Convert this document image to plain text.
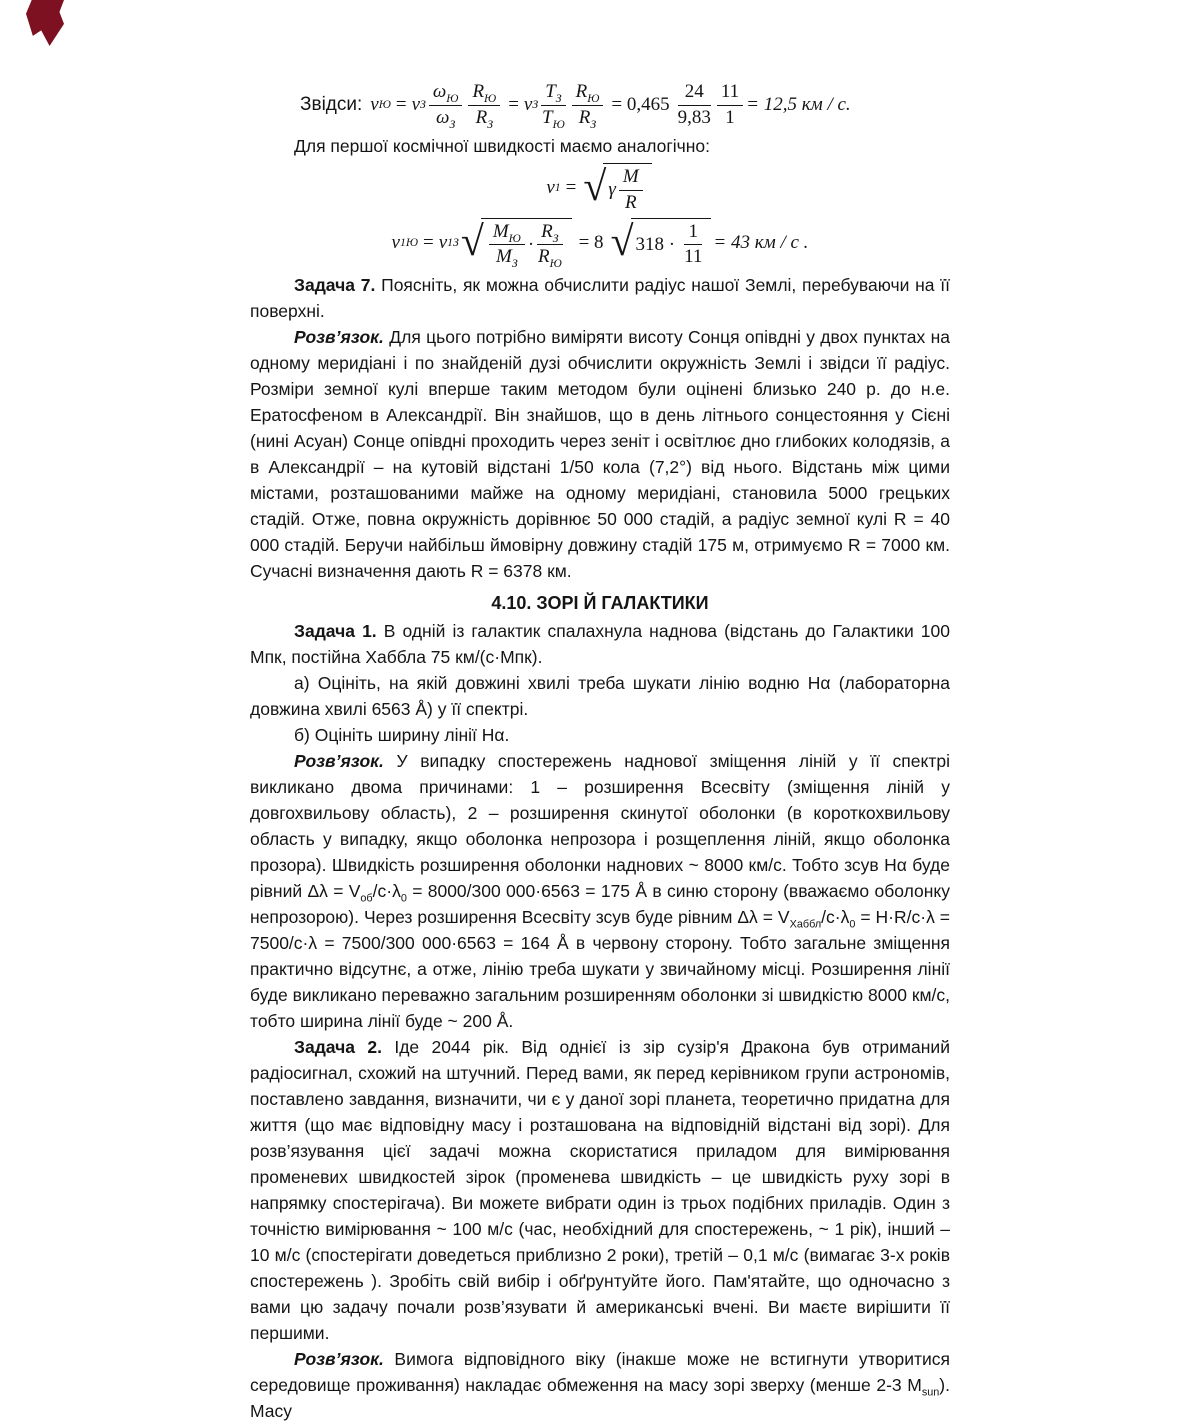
Звідси: v Ю = v З $\frac{\omega_Ю}{\omega_З} \frac{R_Ю}{R_З} = v$ З $\frac{T_З}{T_Ю} \frac{R_Ю}{R_З} = 0,465 \frac{24}{9,83} \frac{11}{1} = 12,5$ км / с.

Для першої космічної швидкості маємо аналогічно:

v 1 = √ γ $\frac{M}{R}$
v 1Ю = v 1З √ $\frac{M_Ю}{M_З} \cdot \frac{R_З}{R_Ю} = 8$ √ $318 \cdot \frac{1}{11} = 43$ км / с .

Задача 7. Поясніть, як можна обчислити радіус нашої Землі, перебуваючи на її поверхні.

Розв’язок. Для цього потрібно виміряти висоту Сонця опівдні у двох пунктах на одному меридіані і по знайденій дузі обчислити окружність Землі і звідси її радіус. Розміри земної кулі вперше таким методом були оцінені близько 240 р. до н.е. Ератосфеном в Александрії. Він знайшов, що в день літнього сонцестояння у Сієні (нині Асуан) Сонце опівдні проходить через зеніт і освітлює дно глибоких колодязів, а в Александрії – на кутовій відстані 1/50 кола (7,2°) від нього. Відстань між цими містами, розташованими майже на одному меридіані, становила 5000 грецьких стадій. Отже, повна окружність дорівнює 50 000 стадій, а радіус земної кулі R = 40 000 стадій. Беручи найбільш ймовірну довжину стадій 175 м, отримуємо R = 7000 км. Сучасні визначення дають R = 6378 км.

4.10. ЗОРІ Й ГАЛАКТИКИ

Задача 1. В одній із галактик спалахнула наднова (відстань до Галактики 100 Мпк, постійна Хаббла 75 км/(с·Мпк).

а) Оцініть, на якій довжині хвилі треба шукати лінію водню Hα (лабораторна довжина хвилі 6563 Å) у її спектрі.

б) Оцініть ширину лінії Hα.

Розв’язок. У випадку спостережень наднової зміщення ліній у її спектрі викликано двома причинами: 1 – розширення Всесвіту (зміщення ліній у довгохвильову область), 2 – розширення скинутої оболонки (в короткохвильову область у випадку, якщо оболонка непрозора і розщеплення ліній, якщо оболонка прозора). Швидкість розширення оболонки наднових ~ 8000 км/с. Тобто зсув Hα буде рівний $\Delta\lambda = V_{об}/c\cdot\lambda_0 = 8000/300$ 000·6563 = 175 Å в синю сторону (вважаємо оболонку непрозорою). Через розширення Всесвіту зсув буде рівним $\Delta\lambda = V_{Хаббл}/c\cdot\lambda_0 = H\cdot R/c\cdot\lambda = 7500/c\cdot\lambda = 7500/300$ 000·6563 = 164 Å в червону сторону. Тобто загальне зміщення практично відсутнє, а отже, лінію треба шукати у звичайному місці. Розширення лінії буде викликано переважно загальним розширенням оболонки зі швидкістю 8000 км/с, тобто ширина лінії буде ~ 200 Å.

Задача 2. Іде 2044 рік. Від однієї із зір сузір'я Дракона був отриманий радіосигнал, схожий на штучний. Перед вами, як перед керівником групи астрономів, поставлено завдання, визначити, чи є у даної зорі планета, теоретично придатна для життя (що має відповідну масу і розташована на відповідній відстані від зорі). Для розв’язування цієї задачі можна скористатися приладом для вимірювання променевих швидкостей зірок (променева швидкість – це швидкість руху зорі в напрямку спостерігача). Ви можете вибрати один із трьох подібних приладів. Один з точністю вимірювання ~ 100 м/с (час, необхідний для спостережень, ~ 1 рік), інший – 10 м/с (спостерігати доведеться приблизно 2 роки), третій – 0,1 м/с (вимагає 3-х років спостережень ). Зробіть свій вибір і обґрунтуйте його. Пам'ятайте, що одночасно з вами цю задачу почали розв’язувати й американські вчені. Ви маєте вирішити її першими.

Розв’язок. Вимога відповідного віку (інакше може не встигнути утворитися середовище проживання) накладає обмеження на масу зорі зверху (менше 2-3 $M_{sun}$). Масу
